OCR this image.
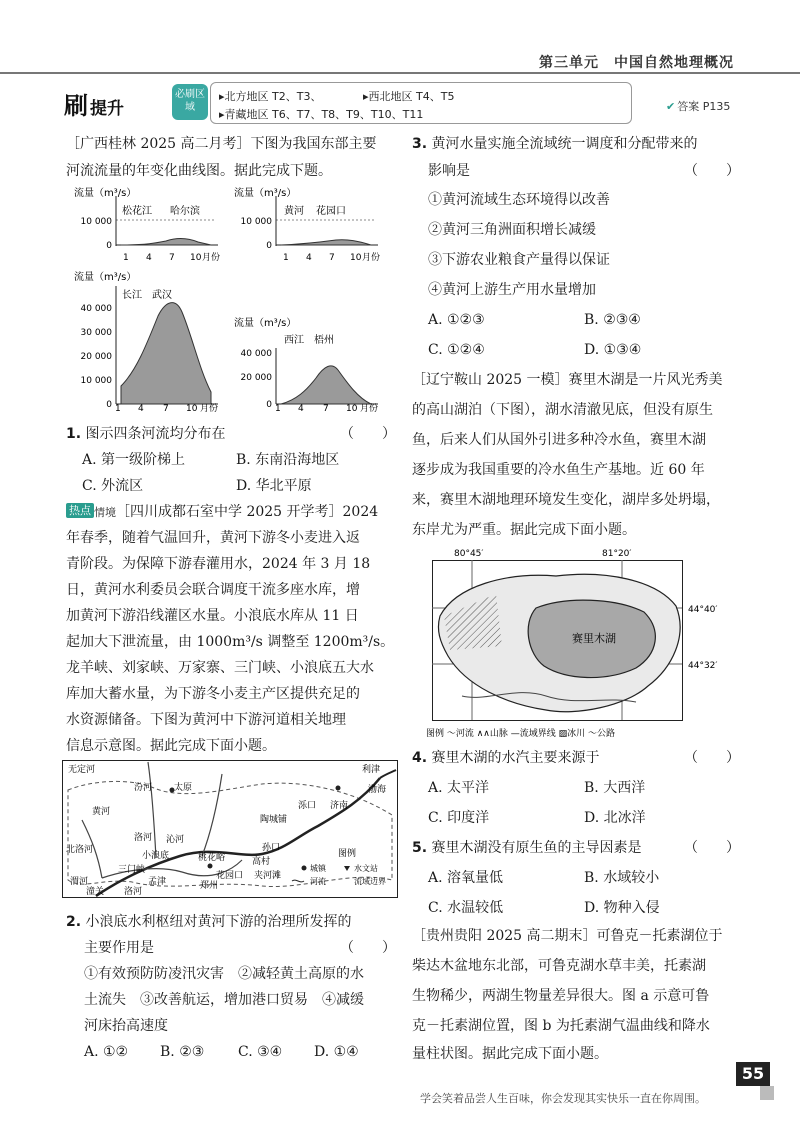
第三单元　中国自然地理概况
刷 提升
必刷区域
▸北方地区 T2、T3、	▸西北地区 T4、T5
▸青藏地区 T6、T7、T8、T9、T10、T11
✔ 答案 P135
［广西桂林 2025 高二月考］下图为我国东部主要
河流流量的年变化曲线图。据此完成下题。
流量（m³/s）
松花江 哈尔滨
10 000
0
1 4 7 10 月份
流量（m³/s）
黄河 花园口
10 000
0
1 4 7 10 月份
流量（m³/s）
长江 武汉
40 000
30 000
20 000
10 000
0
流量（m³/s）
西江 梧州
40 000
20 000
0
1 4 7 10 月份	1 4 7 10 月份
1. 图示四条河流均分布在	（　　）
A. 第一级阶梯上	B. 东南沿海地区
C. 外流区	D. 华北平原
热点 情境［四川成都石室中学 2025 开学考］2024
年春季，随着气温回升，黄河下游冬小麦进入返
青阶段。为保障下游春灌用水，2024 年 3 月 18
日，黄河水利委员会联合调度干流多座水库，增
加黄河下游沿线灌区水量。小浪底水库从 11 日
起加大下泄流量，由 1000m³/s 调整至 1200m³/s。
龙羊峡、刘家峡、万家寨、三门峡、小浪底五大水
库加大蓄水量，为下游冬小麦主产区提供充足的
水资源储备。下图为黄河中下游河道相关地理
信息示意图。据此完成下面小题。
利津
渤海
太原
泺口 济南
陶城铺
孙口
小浪底
三门峡
桃花峪	高村
花园口 夹河滩
郑州
孟津
潼关
无定河
汾河
洛河
黄河
北洛河
沁河
洛河
渭河
图例
城镇	水文站
河流	流域边界
2. 小浪底水利枢纽对黄河下游的治理所发挥的
主要作用是	（　　）
①有效预防防凌汛灾害　②减轻黄土高原的水
土流失　③改善航运，增加港口贸易　④减缓
河床抬高速度
A. ①② B. ②③ C. ③④ D. ①④
3. 黄河水量实施全流域统一调度和分配带来的
影响是	（　　）
①黄河流域生态环境得以改善
②黄河三角洲面积增长减缓
③下游农业粮食产量得以保证
④黄河上游生产用水量增加
A. ①②③	B. ②③④
C. ①②④	D. ①③④
［辽宁鞍山 2025 一模］赛里木湖是一片风光秀美
的高山湖泊（下图），湖水清澈见底，但没有原生
鱼，后来人们从国外引进多种冷水鱼，赛里木湖
逐步成为我国重要的冷水鱼生产基地。近 60 年
来，赛里木湖地理环境发生变化，湖岸多处坍塌，
东岸尤为严重。据此完成下面小题。
80°45′	81°20′
44°40′
44°32′
赛里木湖
图例 ～河流 ∧∧山脉 —流域界线 ▨冰川 ～公路
4. 赛里木湖的水汽主要来源于	（　　）
A. 太平洋	B. 大西洋
C. 印度洋	D. 北冰洋
5. 赛里木湖没有原生鱼的主导因素是	（　　）
A. 溶氧量低	B. 水域较小
C. 水温较低	D. 物种入侵
［贵州贵阳 2025 高二期末］可鲁克－托素湖位于
柴达木盆地东北部，可鲁克湖水草丰美，托素湖
生物稀少，两湖生物量差异很大。图 a 示意可鲁
克－托素湖位置，图 b 为托素湖气温曲线和降水
量柱状图。据此完成下面小题。
学会笑着品尝人生百味，你会发现其实快乐一直在你周围。
55
